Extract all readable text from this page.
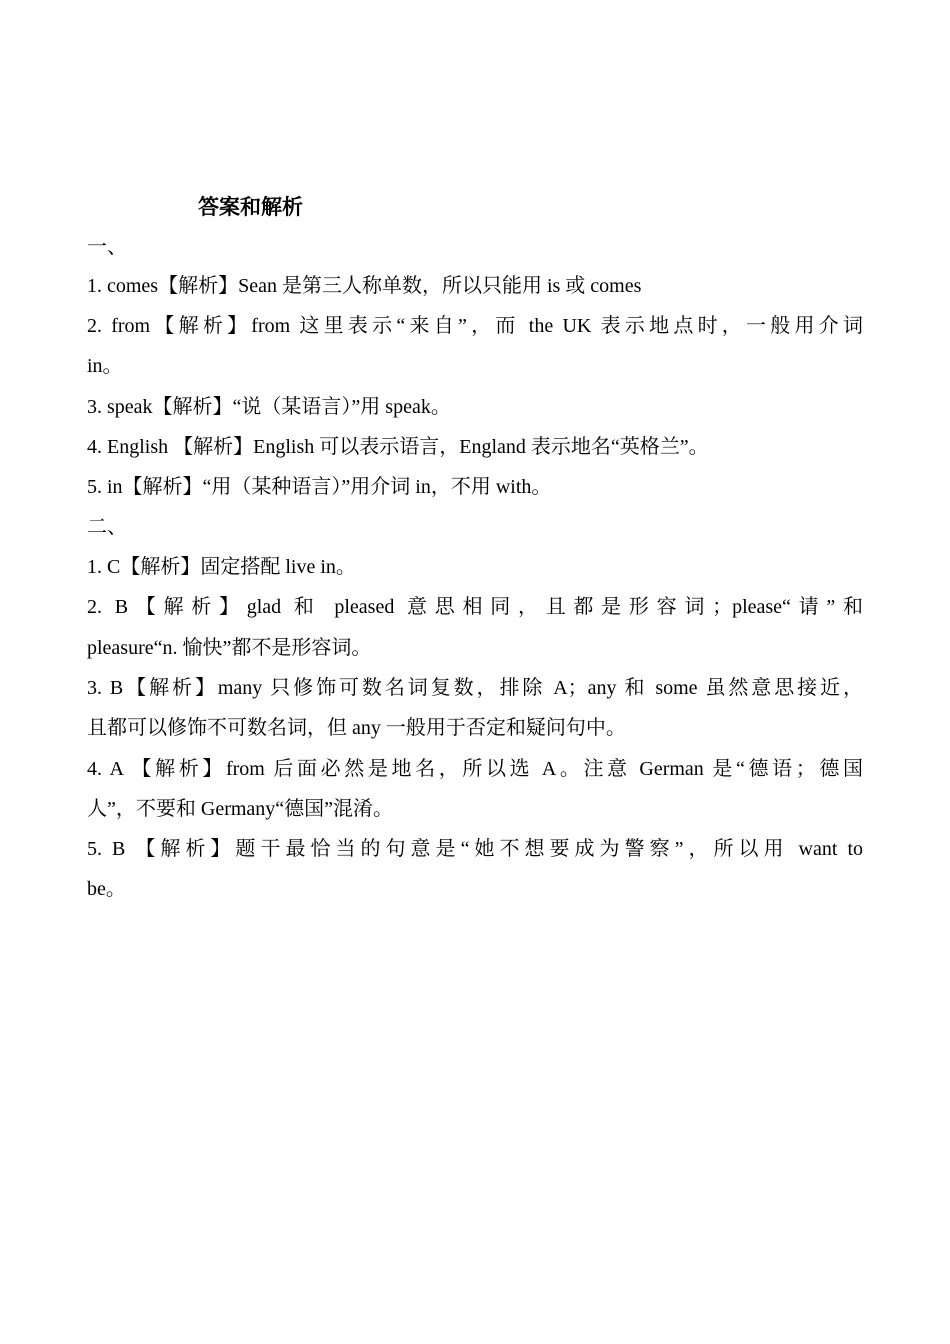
答案和解析
一、
1. comes【解析】Sean 是第三人称单数，所以只能用 is 或 comes
2. from【解析】from 这里表示“来自”，而 the UK 表示地点时，一般用介词
in。
3. speak【解析】“说（某语言）”用 speak。
4. English 【解析】English 可以表示语言，England 表示地名“英格兰”。
5. in【解析】“用（某种语言）”用介词 in，不用 with。
二、
1. C【解析】固定搭配 live in。
2. B【解析】glad 和 pleased 意思相同，且都是形容词；please“请”和
pleasure“n. 愉快”都不是形容词。
3. B【解析】many 只修饰可数名词复数，排除 A；any 和 some 虽然意思接近，
且都可以修饰不可数名词，但 any 一般用于否定和疑问句中。
4. A 【解析】from 后面必然是地名，所以选 A。注意 German 是“德语；德国
人”，不要和 Germany“德国”混淆。
5. B 【解析】题干最恰当的句意是“她不想要成为警察”，所以用 want to
be。
